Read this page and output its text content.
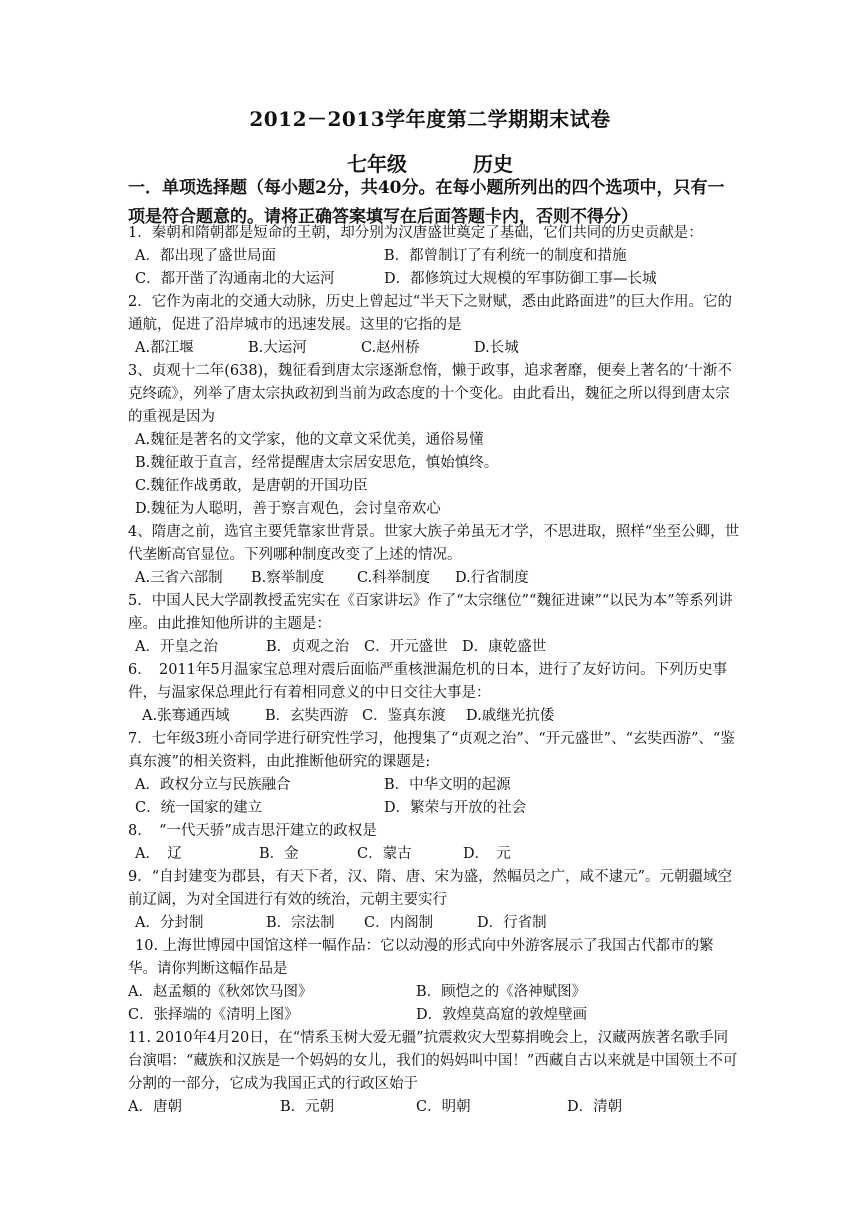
2012－2013学年度第二学期期末试卷
七年级	历史
一．单项选择题（每小题2分，共40分。在每小题所列出的四个选项中，只有一项是符合题意的。请将正确答案填写在后面答题卡内，否则不得分）

1．秦朝和隋朝都是短命的王朝，却分别为汉唐盛世奠定了基础，它们共同的历史贡献是：

A．都出现了盛世局面	B．都曾制订了有利统一的制度和措施
C．都开凿了沟通南北的大运河	D．都修筑过大规模的军事防御工事—长城

2．它作为南北的交通大动脉，历史上曾起过“半天下之财赋，悉由此路面进”的巨大作用。它的通航，促进了沿岸城市的迅速发展。这里的它指的是

A.都江堰	B.大运河	C.赵州桥	D.长城

3、贞观十二年(638)，魏征看到唐太宗逐渐怠惰，懒于政事，追求奢靡，便奏上著名的‘十渐不克终疏》，列举了唐太宗执政初到当前为政态度的十个变化。由此看出，魏征之所以得到唐太宗的重视是因为

A.魏征是著名的文学家，他的文章文采优美，通俗易懂

B.魏征敢于直言，经常提醒唐太宗居安思危，慎始慎终。

C.魏征作战勇敢，是唐朝的开国功臣

D.魏征为人聪明，善于察言观色，会讨皇帝欢心

4、隋唐之前，选官主要凭靠家世背景。世家大族子弟虽无才学，不思进取，照样“坐至公卿，世代垄断高官显位。下列哪种制度改变了上述的情况。

A.三省六部制	B.察举制度	C.科举制度	D.行省制度

5．中国人民大学副教授孟宪实在《百家讲坛》作了“太宗继位”“魏征进谏”“以民为本”等系列讲座。由此推知他所讲的主题是：

A．开皇之治	B．贞观之治	C．开元盛世 D．康乾盛世

6．　2011年5月温家宝总理对震后面临严重核泄漏危机的日本，进行了友好访问。下列历史事件，与温家保总理此行有着相同意义的中日交往大事是：

A.张骞通西域	B．玄奘西游 C．鉴真东渡	D.戚继光抗倭

7．七年级3班小奇同学进行研究性学习，他搜集了“贞观之治”、“开元盛世”、“玄奘西游”、“鉴真东渡”的相关资料，由此推断他研究的课题是:

A．政权分立与民族融合	B．中华文明的起源
C．统一国家的建立	D．繁荣与开放的社会

8．　“一代天骄”成吉思汗建立的政权是

A．　辽	B．金	C．蒙古	D．　元

9．“自封建变为郡县，有天下者，汉、隋、唐、宋为盛，然幅员之广，咸不逮元”。元朝疆域空前辽阔，为对全国进行有效的统治，元朝主要实行

A．分封制	B．宗法制	C．内阁制	D．行省制

10. 上海世博园中国馆这样一幅作品：它以动漫的形式向中外游客展示了我国古代都市的繁华。请你判断这幅作品是

A．赵孟頫的《秋郊饮马图》	B．顾恺之的《洛神赋图》
C．张择端的《清明上图》	D．敦煌莫高窟的敦煌壁画

11. 2010年4月20日，在“情系玉树大爱无疆”抗震救灾大型募捐晚会上，汉藏两族著名歌手同台演唱：“藏族和汉族是一个妈妈的女儿，我们的妈妈叫中国！”西藏自古以来就是中国领土不可分割的一部分，它成为我国正式的行政区始于

A．唐朝	B．元朝	C．明朝	D．清朝
